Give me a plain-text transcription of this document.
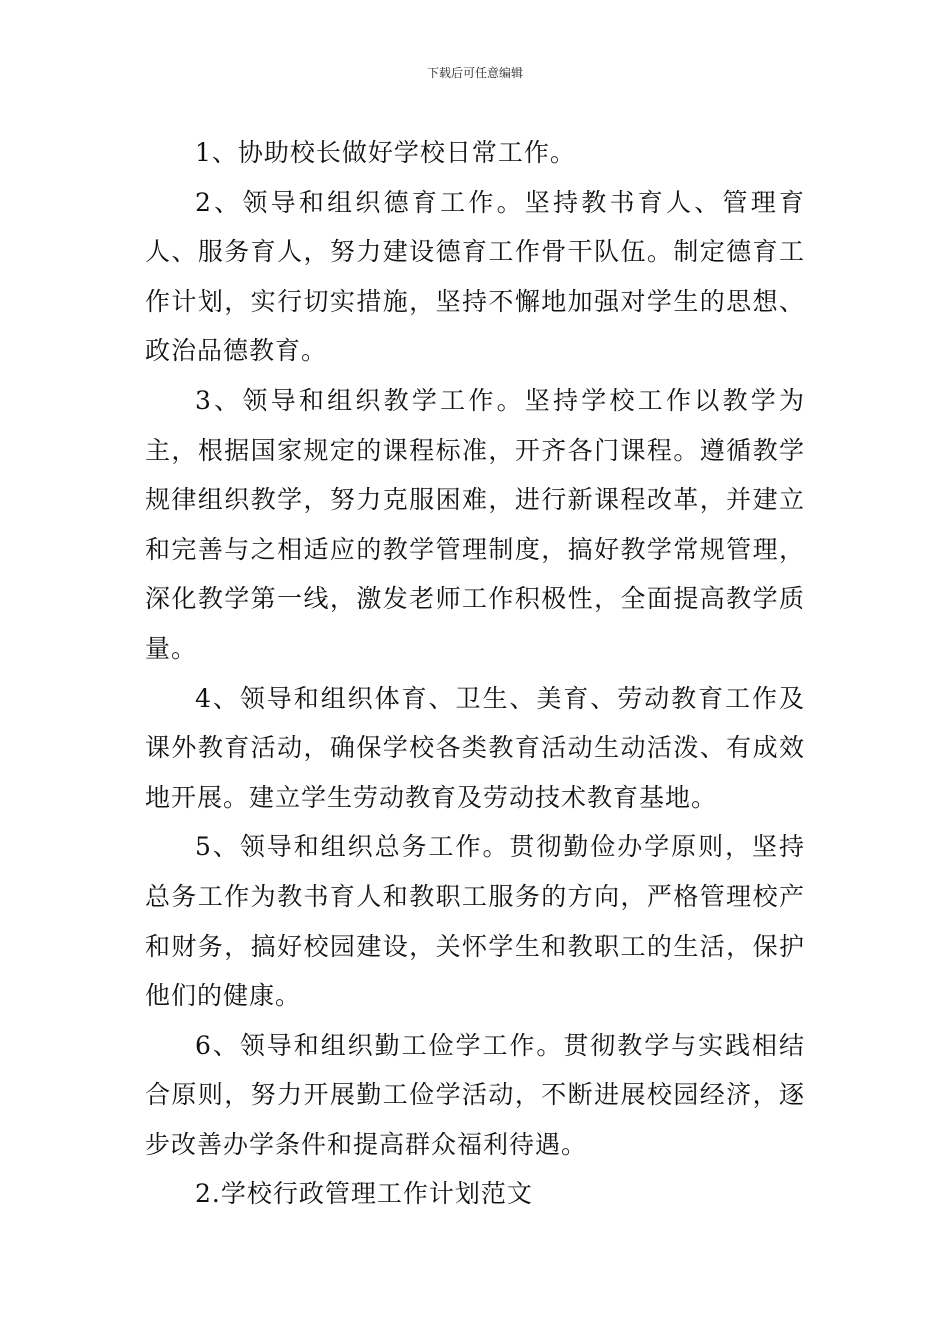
下载后可任意编辑

1、协助校长做好学校日常工作。

2、领导和组织德育工作。坚持教书育人、管理育人、服务育人，努力建设德育工作骨干队伍。制定德育工作计划，实行切实措施，坚持不懈地加强对学生的思想、政治品德教育。

3、领导和组织教学工作。坚持学校工作以教学为主，根据国家规定的课程标准，开齐各门课程。遵循教学规律组织教学，努力克服困难，进行新课程改革，并建立和完善与之相适应的教学管理制度，搞好教学常规管理，深化教学第一线，激发老师工作积极性，全面提高教学质量。

4、领导和组织体育、卫生、美育、劳动教育工作及课外教育活动，确保学校各类教育活动生动活泼、有成效地开展。建立学生劳动教育及劳动技术教育基地。

5、领导和组织总务工作。贯彻勤俭办学原则，坚持总务工作为教书育人和教职工服务的方向，严格管理校产和财务，搞好校园建设，关怀学生和教职工的生活，保护他们的健康。

6、领导和组织勤工俭学工作。贯彻教学与实践相结合原则，努力开展勤工俭学活动，不断进展校园经济，逐步改善办学条件和提高群众福利待遇。

2.学校行政管理工作计划范文
